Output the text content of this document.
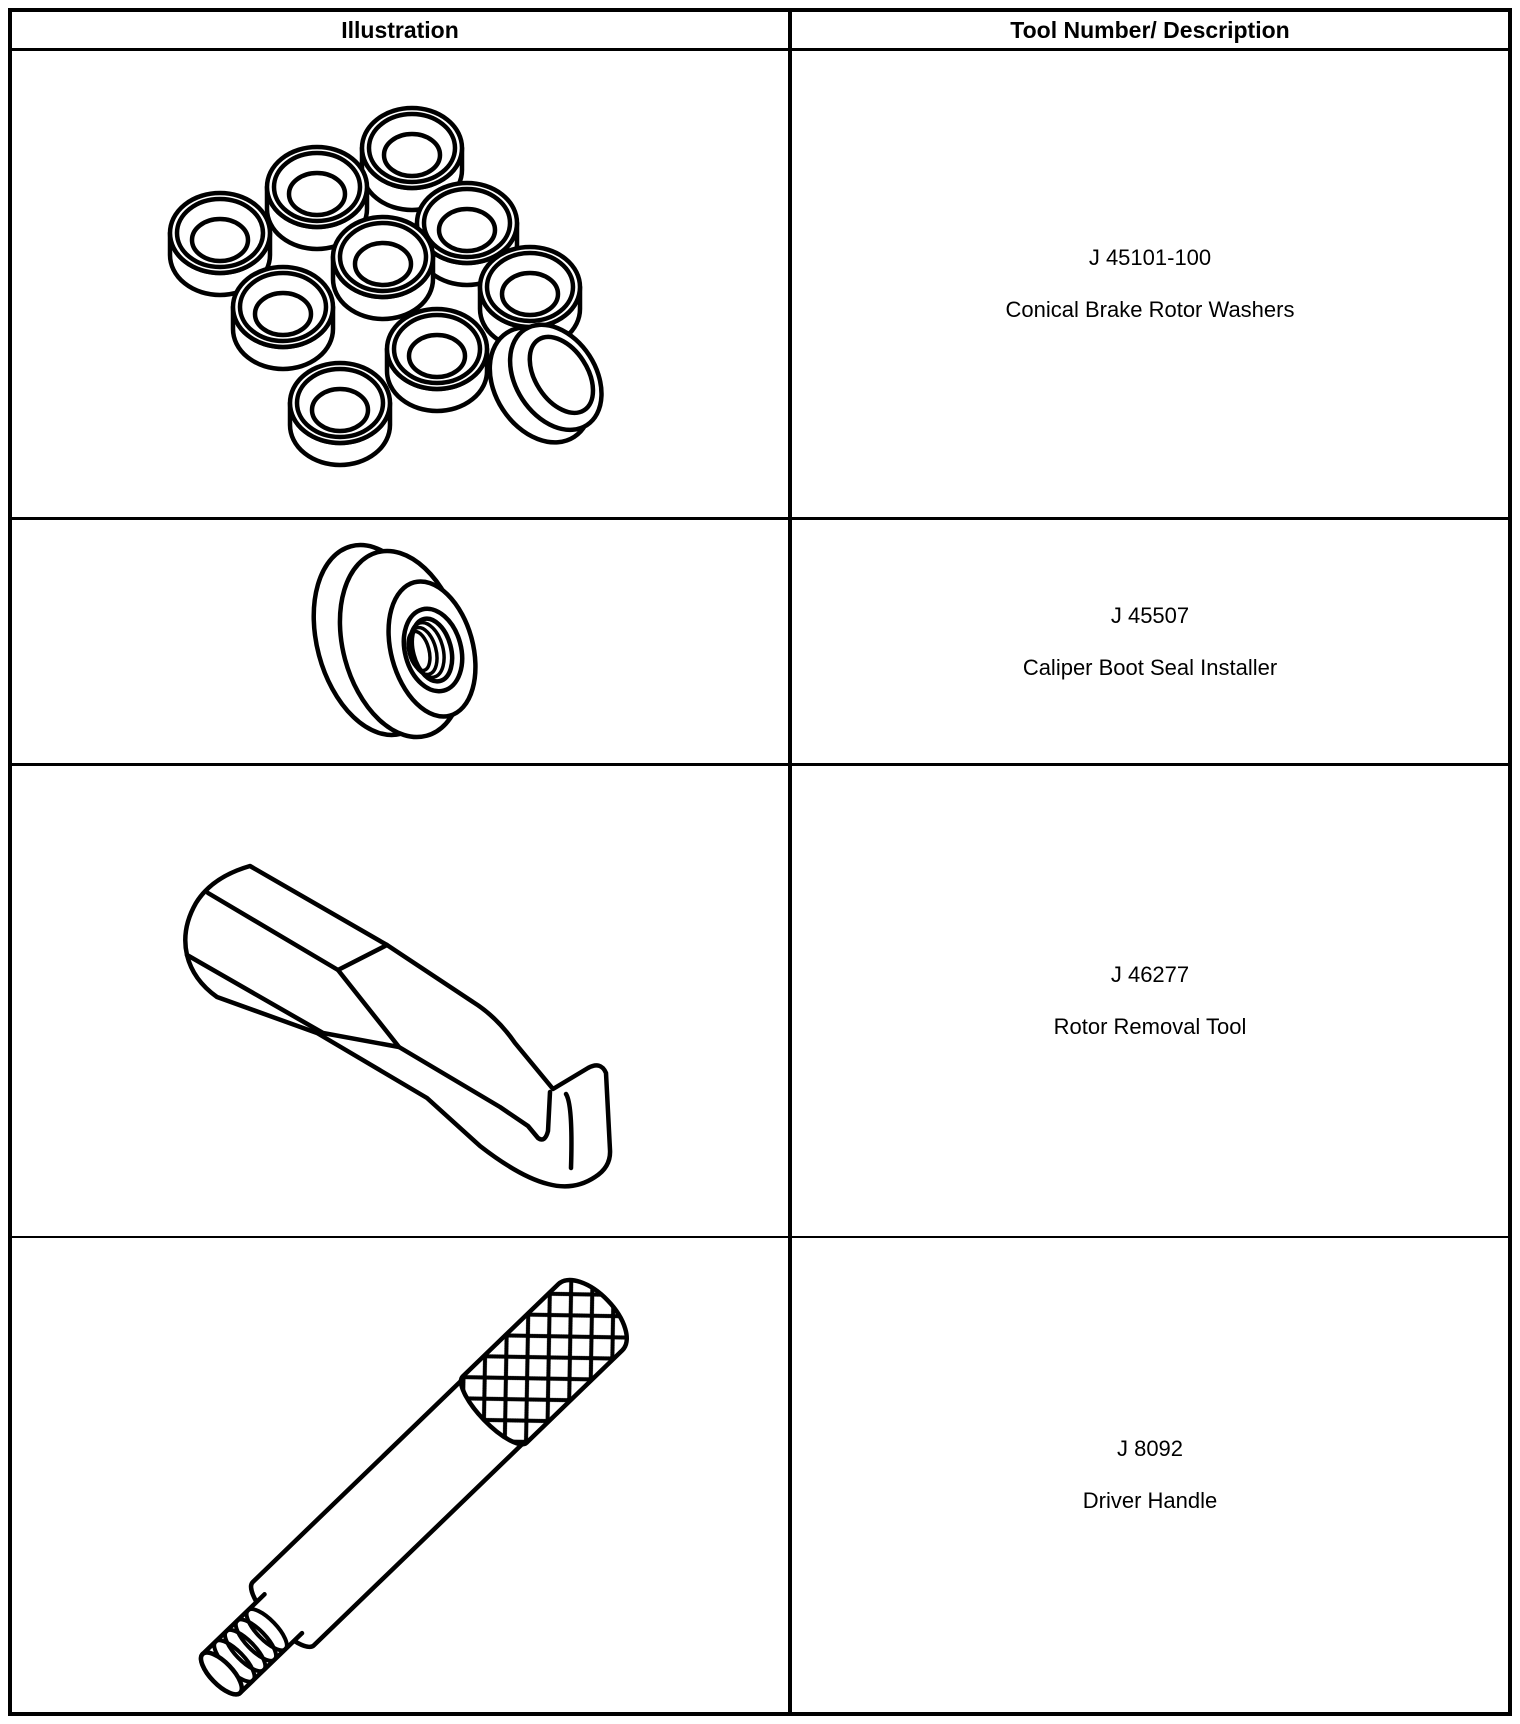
Illustration	Tool Number/ Description
J 45101-100
Conical Brake Rotor Washers
J 45507
Caliper Boot Seal Installer
J 46277
Rotor Removal Tool
J 8092
Driver Handle
